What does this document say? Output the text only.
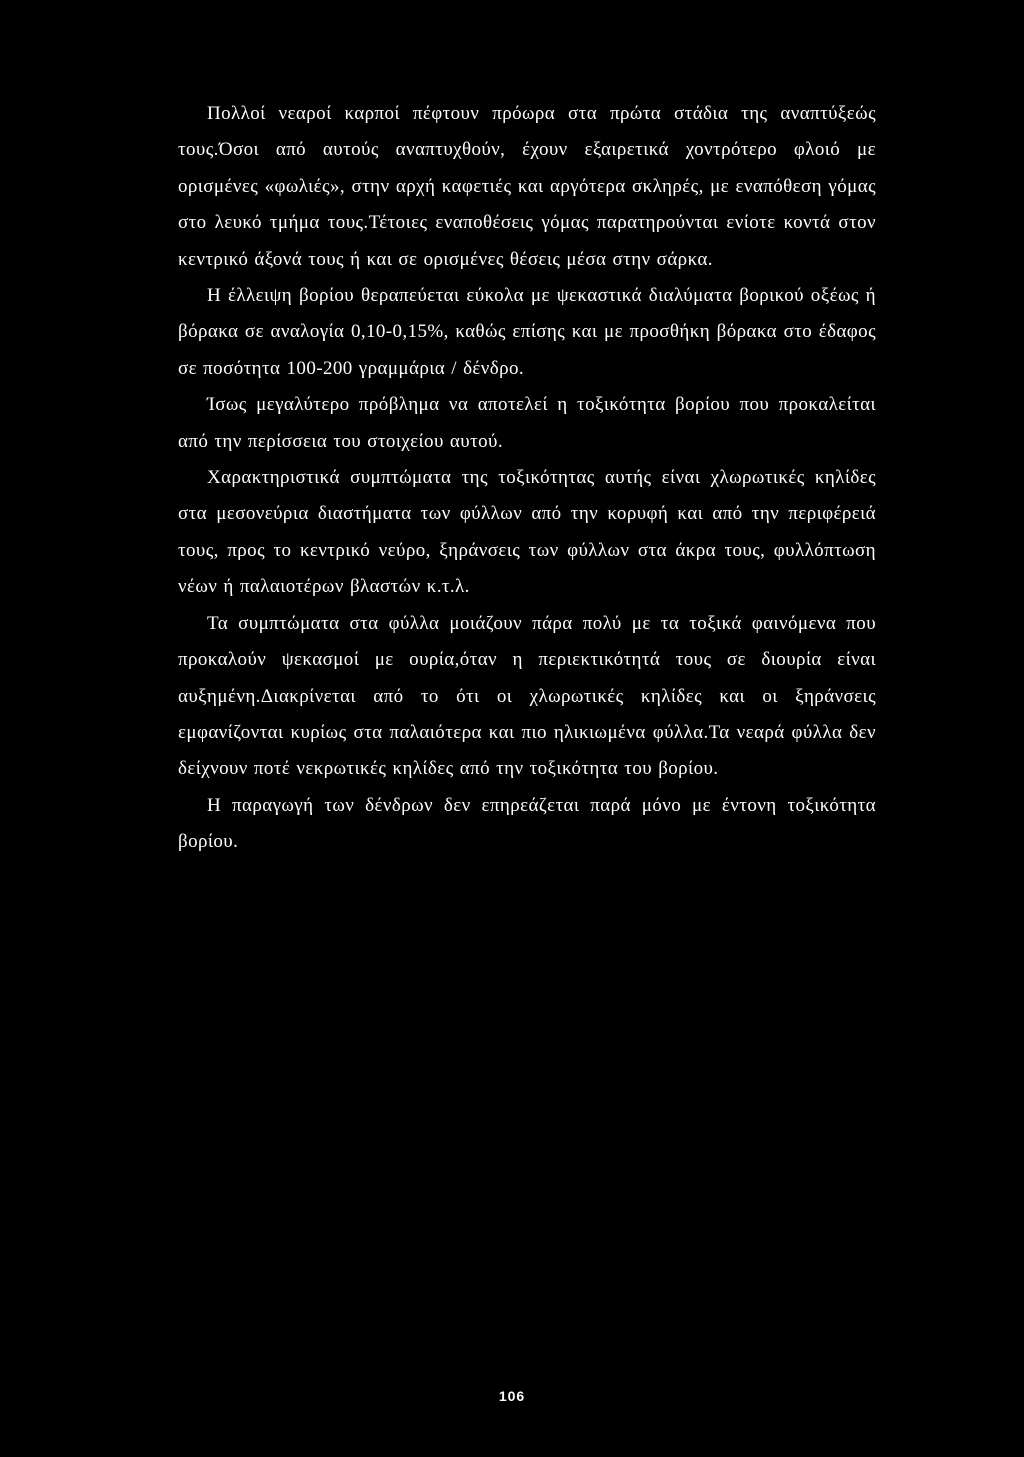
Πολλοί νεαροί καρποί πέφτουν πρόωρα στα πρώτα στάδια της αναπτύξεώς τους.Όσοι από αυτούς αναπτυχθούν, έχουν εξαιρετικά χοντρότερο φλοιό με ορισμένες «φωλιές», στην αρχή καφετιές και αργότερα σκληρές, με εναπόθεση γόμας στο λευκό τμήμα τους.Τέτοιες εναποθέσεις γόμας παρατηρούνται ενίοτε κοντά στον κεντρικό άξονά τους ή και σε ορισμένες θέσεις μέσα στην σάρκα.

Η έλλειψη βορίου θεραπεύεται εύκολα με ψεκαστικά διαλύματα βορικού οξέως ή βόρακα σε αναλογία 0,10-0,15%, καθώς επίσης και με προσθήκη βόρακα στο έδαφος σε ποσότητα 100-200 γραμμάρια / δένδρο.

Ίσως μεγαλύτερο πρόβλημα να αποτελεί η τοξικότητα βορίου που προκαλείται από την περίσσεια του στοιχείου αυτού.

Χαρακτηριστικά συμπτώματα της τοξικότητας αυτής είναι χλωρωτικές κηλίδες στα μεσονεύρια διαστήματα των φύλλων από την κορυφή και από την περιφέρειά τους, προς το κεντρικό νεύρο, ξηράνσεις των φύλλων στα άκρα τους, φυλλόπτωση νέων ή παλαιοτέρων βλαστών κ.τ.λ.

Τα συμπτώματα στα φύλλα μοιάζουν πάρα πολύ με τα τοξικά φαινόμενα που προκαλούν ψεκασμοί με ουρία,όταν η περιεκτικότητά τους σε διουρία είναι αυξημένη.Διακρίνεται από το ότι οι χλωρωτικές κηλίδες και οι ξηράνσεις εμφανίζονται κυρίως στα παλαιότερα και πιο ηλικιωμένα φύλλα.Τα νεαρά φύλλα δεν δείχνουν ποτέ νεκρωτικές κηλίδες από την τοξικότητα του βορίου.

Η παραγωγή των δένδρων δεν επηρεάζεται παρά μόνο με έντονη τοξικότητα βορίου.

106
